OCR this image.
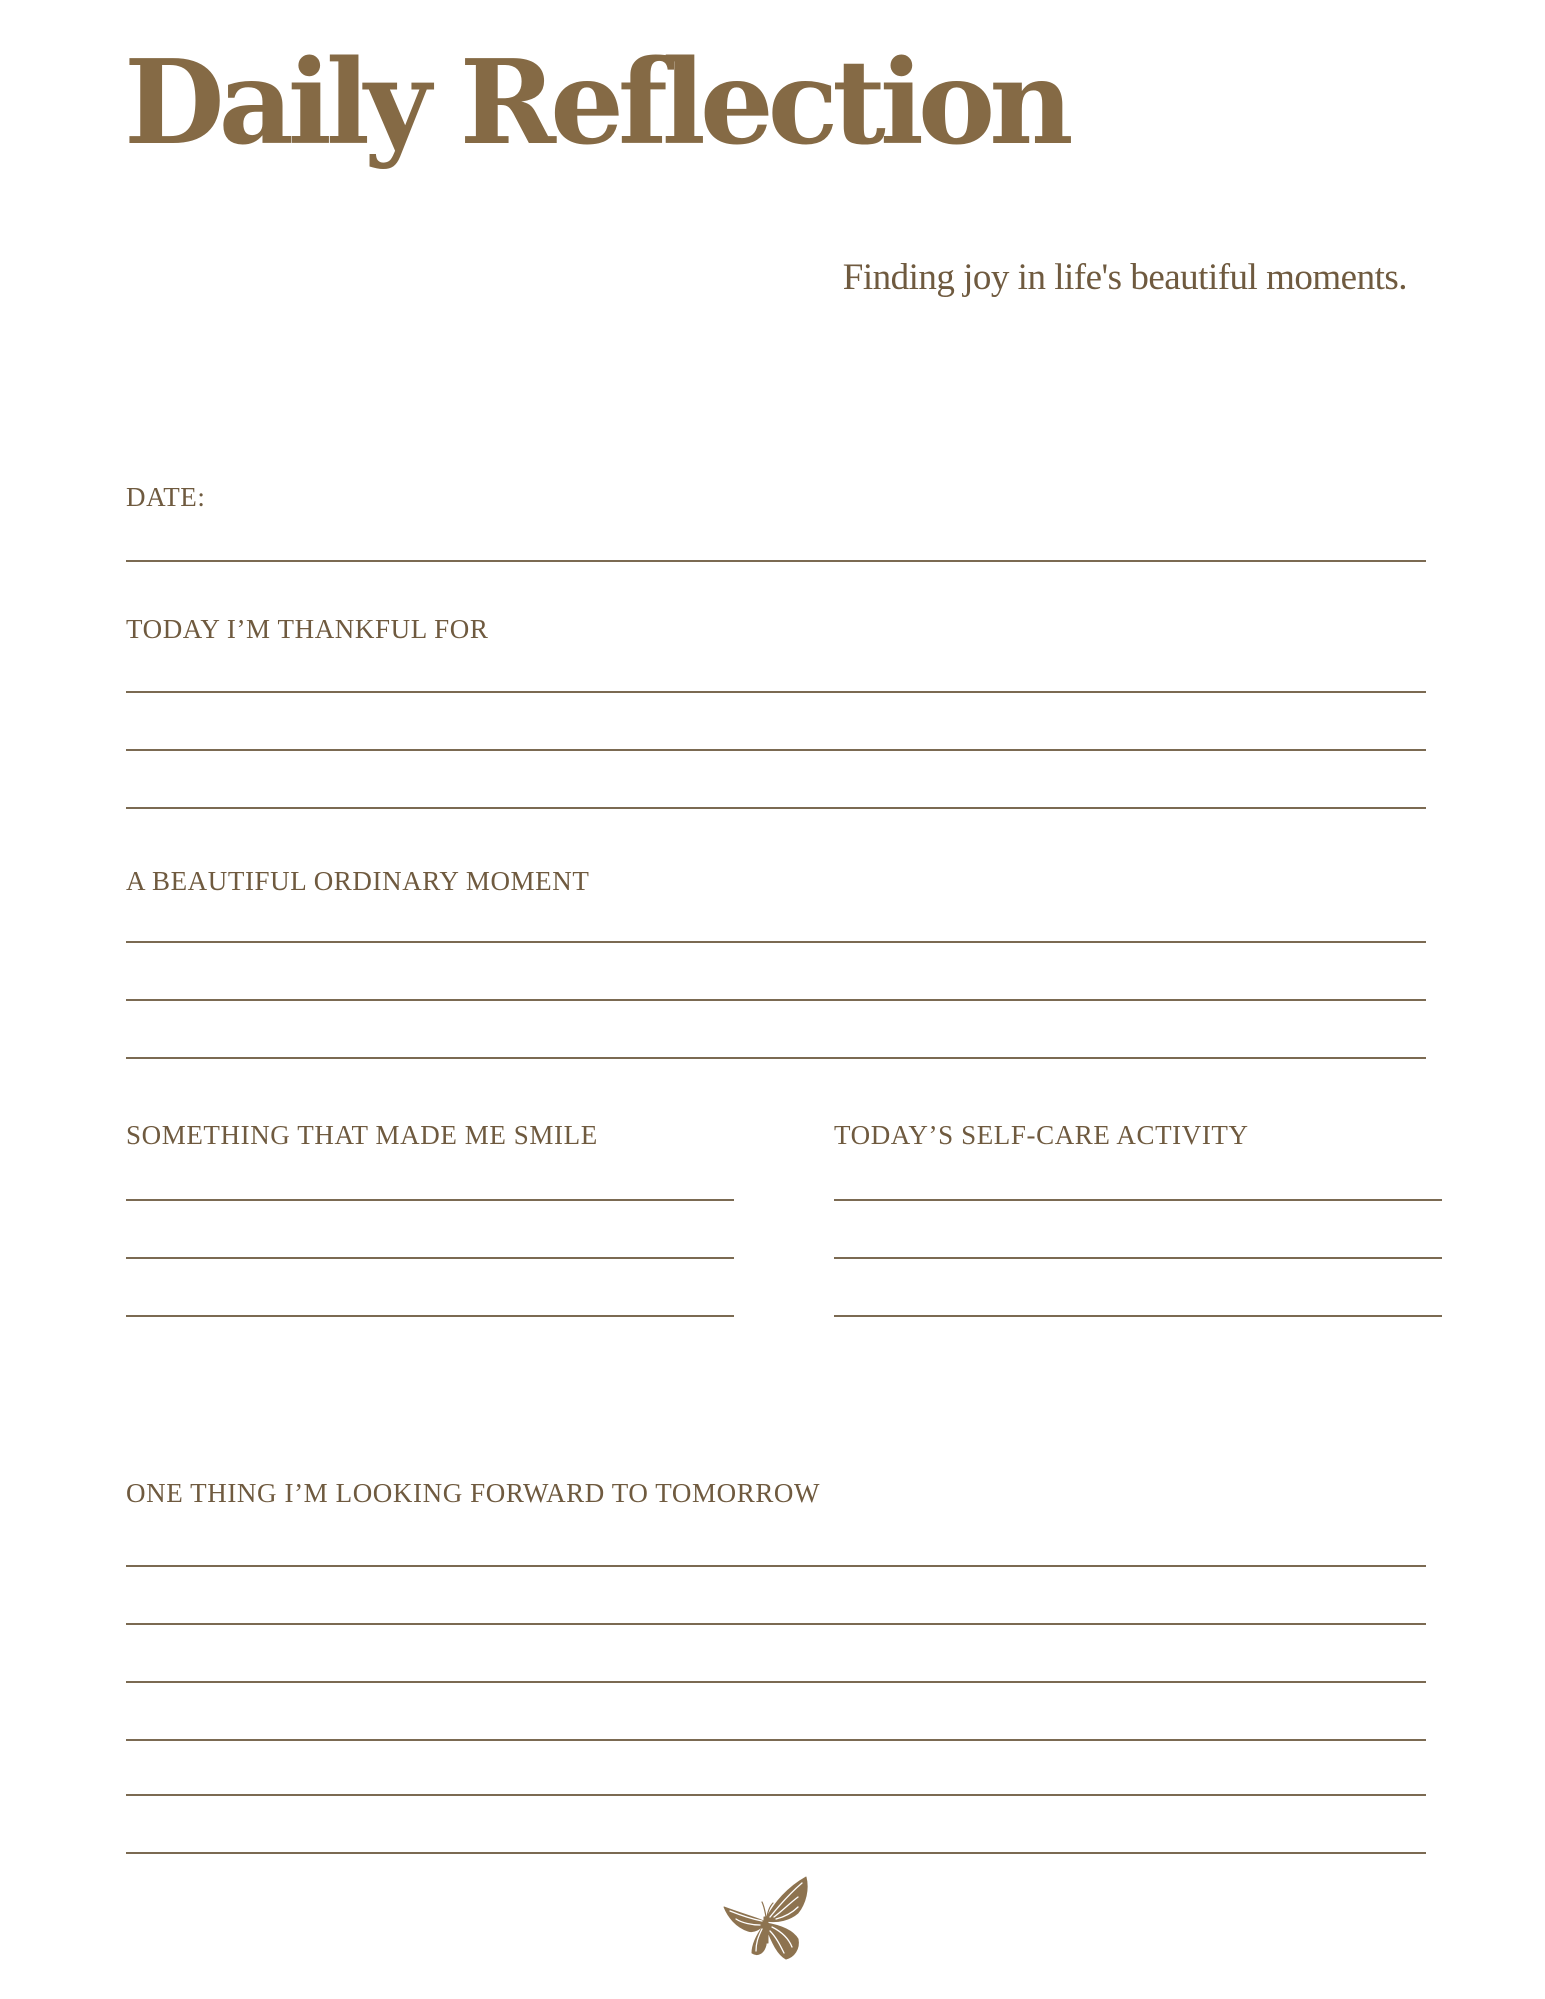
Daily Reflection

Finding joy in life's beautiful moments.

DATE:

TODAY I’M THANKFUL FOR

A BEAUTIFUL ORDINARY MOMENT

SOMETHING THAT MADE ME SMILE	TODAY’S SELF-CARE ACTIVITY

ONE THING I’M LOOKING FORWARD TO TOMORROW
